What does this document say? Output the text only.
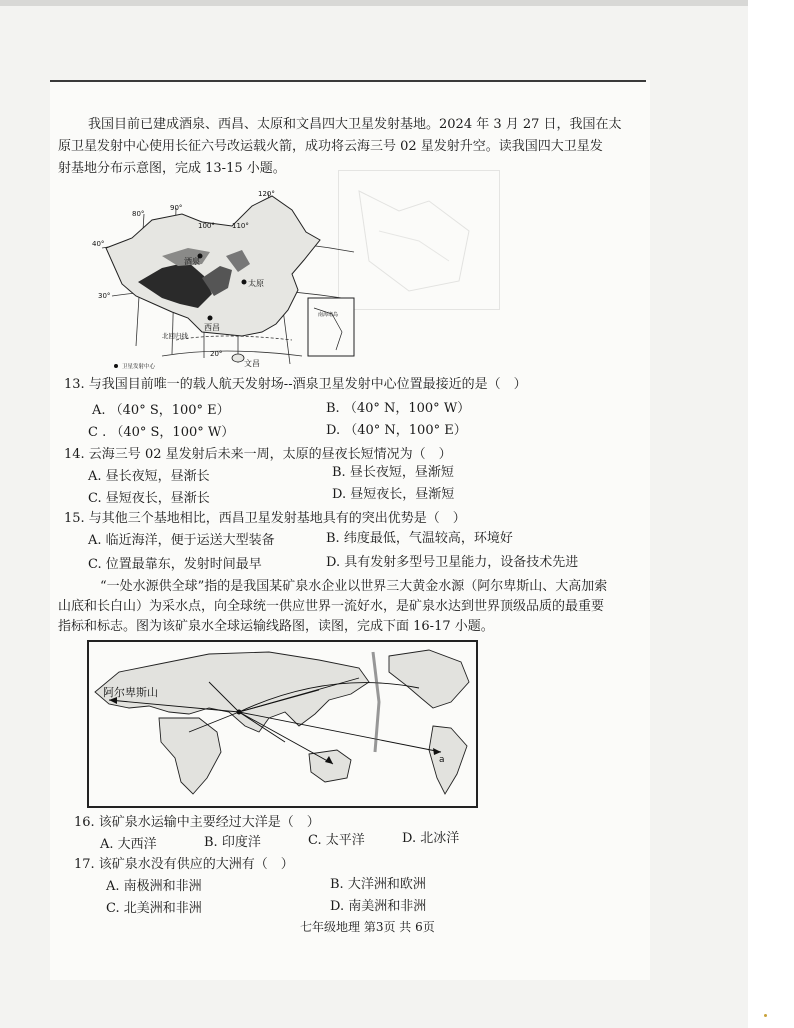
我国目前已建成酒泉、西昌、太原和文昌四大卫星发射基地。2024 年 3 月 27 日，我国在太
原卫星发射中心使用长征六号改运载火箭，成功将云海三号 02 星发射升空。读我国四大卫星发
射基地分布示意图，完成 13-15 小题。
80°
90°
100° 110°
120°
40°
30°
20°
北回归线
卫星发射中心
南海诸岛
酒泉
太原
西昌
文昌
13. 与我国目前唯一的载人航天发射场--酒泉卫星发射中心位置最接近的是（　）
A. （40° S，100° E）	B. （40° N，100° W）
C . （40° S，100° W）	D. （40° N，100° E）
14. 云海三号 02 星发射后未来一周，太原的昼夜长短情况为（　）
A. 昼长夜短，昼渐长	B. 昼长夜短，昼渐短
C. 昼短夜长，昼渐长	D. 昼短夜长，昼渐短
15. 与其他三个基地相比，西昌卫星发射基地具有的突出优势是（　）
A. 临近海洋，便于运送大型装备	B. 纬度最低，气温较高，环境好
C. 位置最靠东，发射时间最早	D. 具有发射多型号卫星能力，设备技术先进
“一处水源供全球”指的是我国某矿泉水企业以世界三大黄金水源（阿尔卑斯山、大高加索
山底和长白山）为采水点，向全球统一供应世界一流好水，是矿泉水达到世界顶级品质的最重要
指标和标志。图为该矿泉水全球运输线路图，读图，完成下面 16-17 小题。
阿尔卑斯山
a
16. 该矿泉水运输中主要经过大洋是（　）
A. 大西洋	B. 印度洋	C. 太平洋	D. 北冰洋
17. 该矿泉水没有供应的大洲有（　）
A. 南极洲和非洲	B. 大洋洲和欧洲
C. 北美洲和非洲	D. 南美洲和非洲
七年级地理 第3页 共 6页
